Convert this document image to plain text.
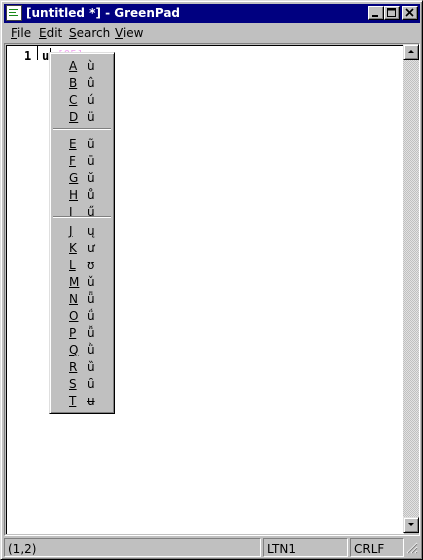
[untitled *] - GreenPad
File Edit Search View
1 u
(1,2)	LTN1	CRLF
A ù
B û
C ú
D ü
E ũ
F ū
G ŭ
H ů
I ű
J ų
K ư
L ʊ
M ǔ
N ǖ
O ǘ
P ǚ
Q ǜ
R ȕ
S ȗ
T ʉ
